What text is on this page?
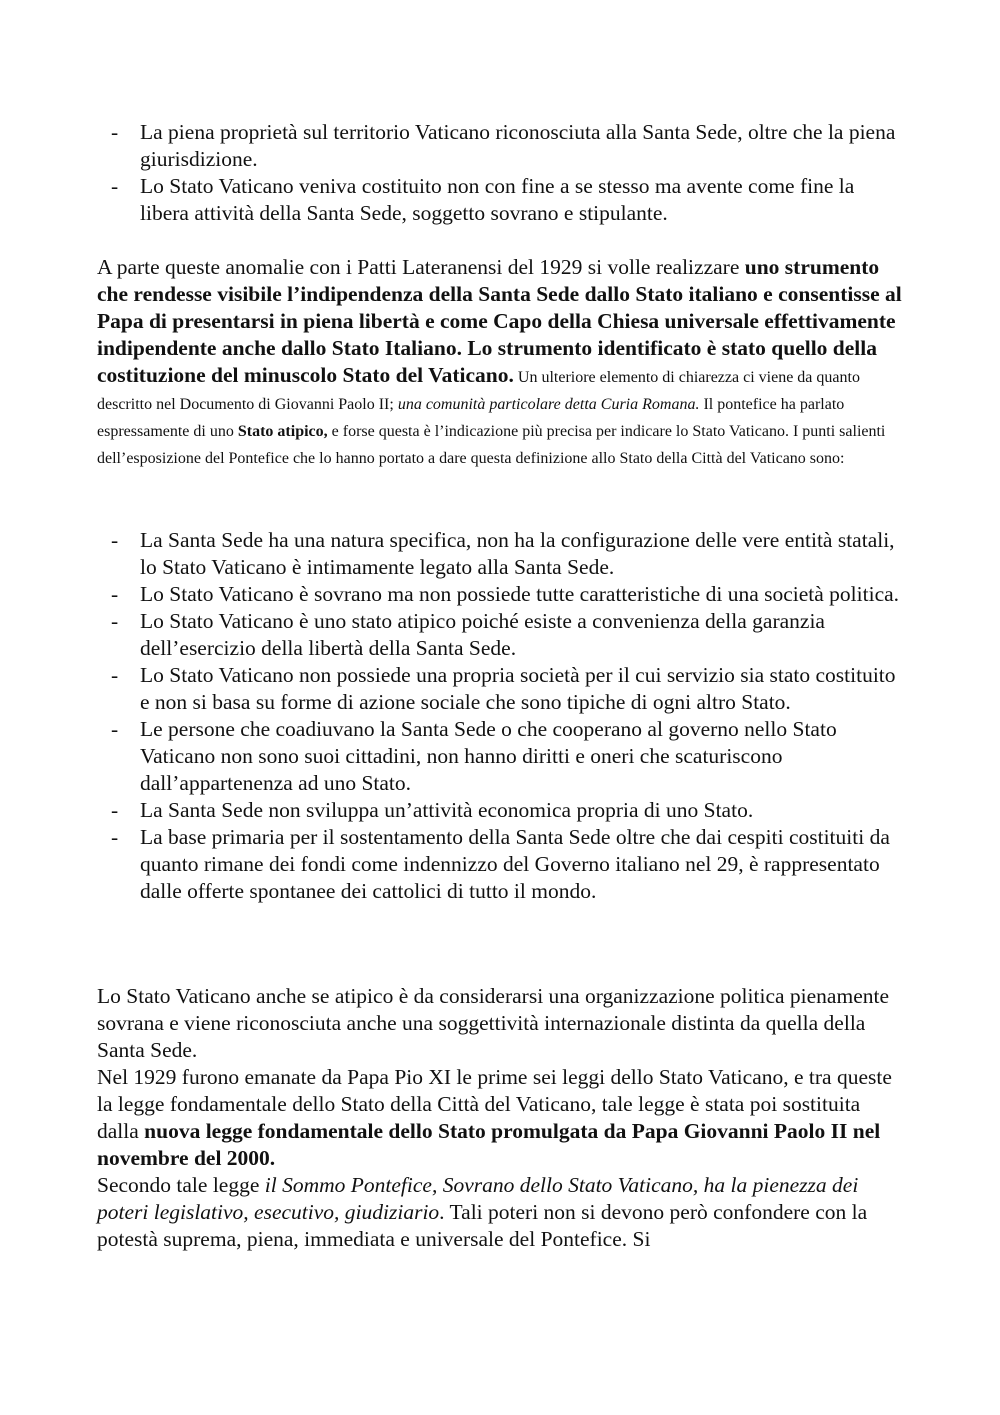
- La piena proprietà sul territorio Vaticano riconosciuta alla Santa Sede, oltre che la piena giurisdizione.
- Lo Stato Vaticano veniva costituito non con fine a se stesso ma avente come fine la libera attività della Santa Sede, soggetto sovrano e stipulante.

A parte queste anomalie con i Patti Lateranensi del 1929 si volle realizzare uno strumento che rendesse visibile l’indipendenza della Santa Sede dallo Stato italiano e consentisse al Papa di presentarsi in piena libertà e come Capo della Chiesa universale effettivamente indipendente anche dallo Stato Italiano. Lo strumento identificato è stato quello della costituzione del minuscolo Stato del Vaticano. Un ulteriore elemento di chiarezza ci viene da quanto descritto nel Documento di Giovanni Paolo II; una comunità particolare detta Curia Romana. Il pontefice ha parlato espressamente di uno Stato atipico, e forse questa è l’indicazione più precisa per indicare lo Stato Vaticano. I punti salienti dell’esposizione del Pontefice che lo hanno portato a dare questa definizione allo Stato della Città del Vaticano sono:

- La Santa Sede ha una natura specifica, non ha la configurazione delle vere entità statali, lo Stato Vaticano è intimamente legato alla Santa Sede.
- Lo Stato Vaticano è sovrano ma non possiede tutte caratteristiche di una società politica.
- Lo Stato Vaticano è uno stato atipico poiché esiste a convenienza della garanzia dell’esercizio della libertà della Santa Sede.
- Lo Stato Vaticano non possiede una propria società per il cui servizio sia stato costituito e non si basa su forme di azione sociale che sono tipiche di ogni altro Stato.
- Le persone che coadiuvano la Santa Sede o che cooperano al governo nello Stato Vaticano non sono suoi cittadini, non hanno diritti e oneri che scaturiscono dall’appartenenza ad uno Stato.
- La Santa Sede non sviluppa un’attività economica propria di uno Stato.
- La base primaria per il sostentamento della Santa Sede oltre che dai cespiti costituiti da quanto rimane dei fondi come indennizzo del Governo italiano nel 29, è rappresentato dalle offerte spontanee dei cattolici di tutto il mondo.

Lo Stato Vaticano anche se atipico è da considerarsi una organizzazione politica pienamente sovrana e viene riconosciuta anche una soggettività internazionale distinta da quella della Santa Sede.

Nel 1929 furono emanate da Papa Pio XI le prime sei leggi dello Stato Vaticano, e tra queste la legge fondamentale dello Stato della Città del Vaticano, tale legge è stata poi sostituita dalla nuova legge fondamentale dello Stato promulgata da Papa Giovanni Paolo II nel novembre del 2000.

Secondo tale legge il Sommo Pontefice, Sovrano dello Stato Vaticano, ha la pienezza dei poteri legislativo, esecutivo, giudiziario. Tali poteri non si devono però confondere con la potestà suprema, piena, immediata e universale del Pontefice. Si
